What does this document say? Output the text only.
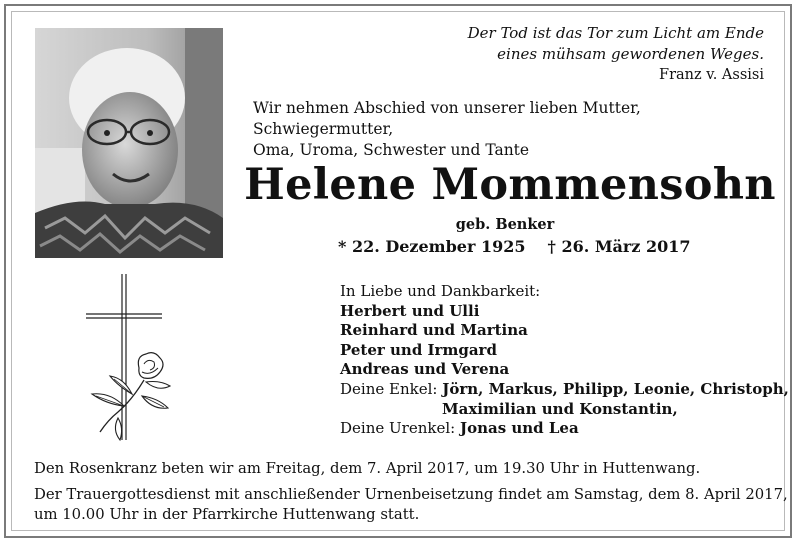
Der Tod ist das Tor zum Licht am Ende
eines mühsam gewordenen Weges.
Franz v. Assisi
Wir nehmen Abschied von unserer lieben Mutter, Schwiegermutter,
Oma, Uroma, Schwester und Tante
Helene Mommensohn
geb. Benker
* 22. Dezember 1925 † 26. März 2017
In Liebe und Dankbarkeit:
Herbert und Ulli
Reinhard und Martina
Peter und Irmgard
Andreas und Verena
Deine Enkel: Jörn, Markus, Philipp, Leonie, Christoph,
Maximilian und Konstantin,
Deine Urenkel: Jonas und Lea
Den Rosenkranz beten wir am Freitag, dem 7. April 2017, um 19.30 Uhr in Huttenwang.
Der Trauergottesdienst mit anschließender Urnenbeisetzung findet am Samstag, dem 8. April 2017,
um 10.00 Uhr in der Pfarrkirche Huttenwang statt.
